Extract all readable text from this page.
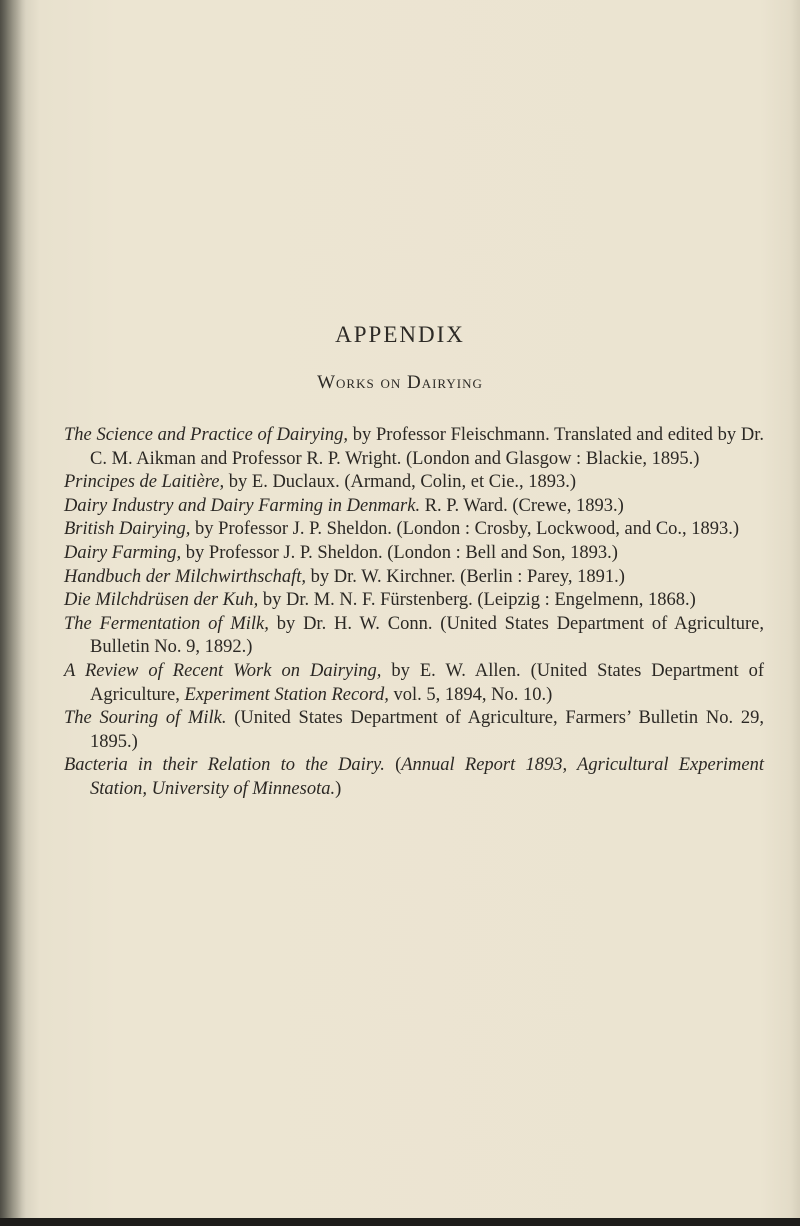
APPENDIX
Works on Dairying
The Science and Practice of Dairying, by Professor Fleischmann. Translated and edited by Dr. C. M. Aikman and Professor R. P. Wright. (London and Glasgow : Blackie, 1895.)
Principes de Laitière, by E. Duclaux. (Armand, Colin, et Cie., 1893.)
Dairy Industry and Dairy Farming in Denmark. R. P. Ward. (Crewe, 1893.)
British Dairying, by Professor J. P. Sheldon. (London : Crosby, Lockwood, and Co., 1893.)
Dairy Farming, by Professor J. P. Sheldon. (London : Bell and Son, 1893.)
Handbuch der Milchwirthschaft, by Dr. W. Kirchner. (Berlin : Parey, 1891.)
Die Milchdrüsen der Kuh, by Dr. M. N. F. Fürstenberg. (Leipzig : Engelmenn, 1868.)
The Fermentation of Milk, by Dr. H. W. Conn. (United States Department of Agriculture, Bulletin No. 9, 1892.)
A Review of Recent Work on Dairying, by E. W. Allen. (United States Department of Agriculture, Experiment Station Record, vol. 5, 1894, No. 10.)
The Souring of Milk. (United States Department of Agriculture, Farmers’ Bulletin No. 29, 1895.)
Bacteria in their Relation to the Dairy. (Annual Report 1893, Agricultural Experiment Station, University of Minnesota.)
